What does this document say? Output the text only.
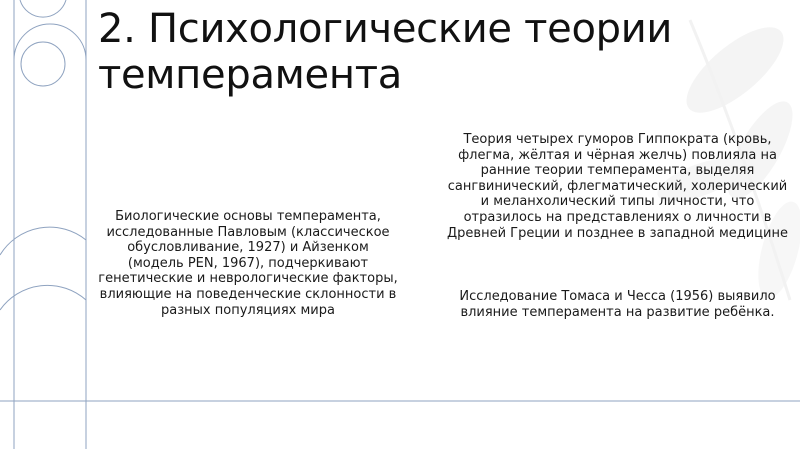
2. Психологические теории
темперамента

Биологические основы темперамента, исследованные Павловым (классическое обусловливание, 1927) и Айзенком (модель PEN, 1967), подчеркивают генетические и неврологические факторы, влияющие на поведенческие склонности в разных популяциях мира

Теория четырех гуморов Гиппократа (кровь, флегма, жёлтая и чёрная желчь) повлияла на ранние теории темперамента, выделяя сангвинический, флегматический, холерический и меланхолический типы личности, что отразилось на представлениях о личности в Древней Греции и позднее в западной медицине

Исследование Томаса и Чесса (1956) выявило влияние темперамента на развитие ребёнка.
